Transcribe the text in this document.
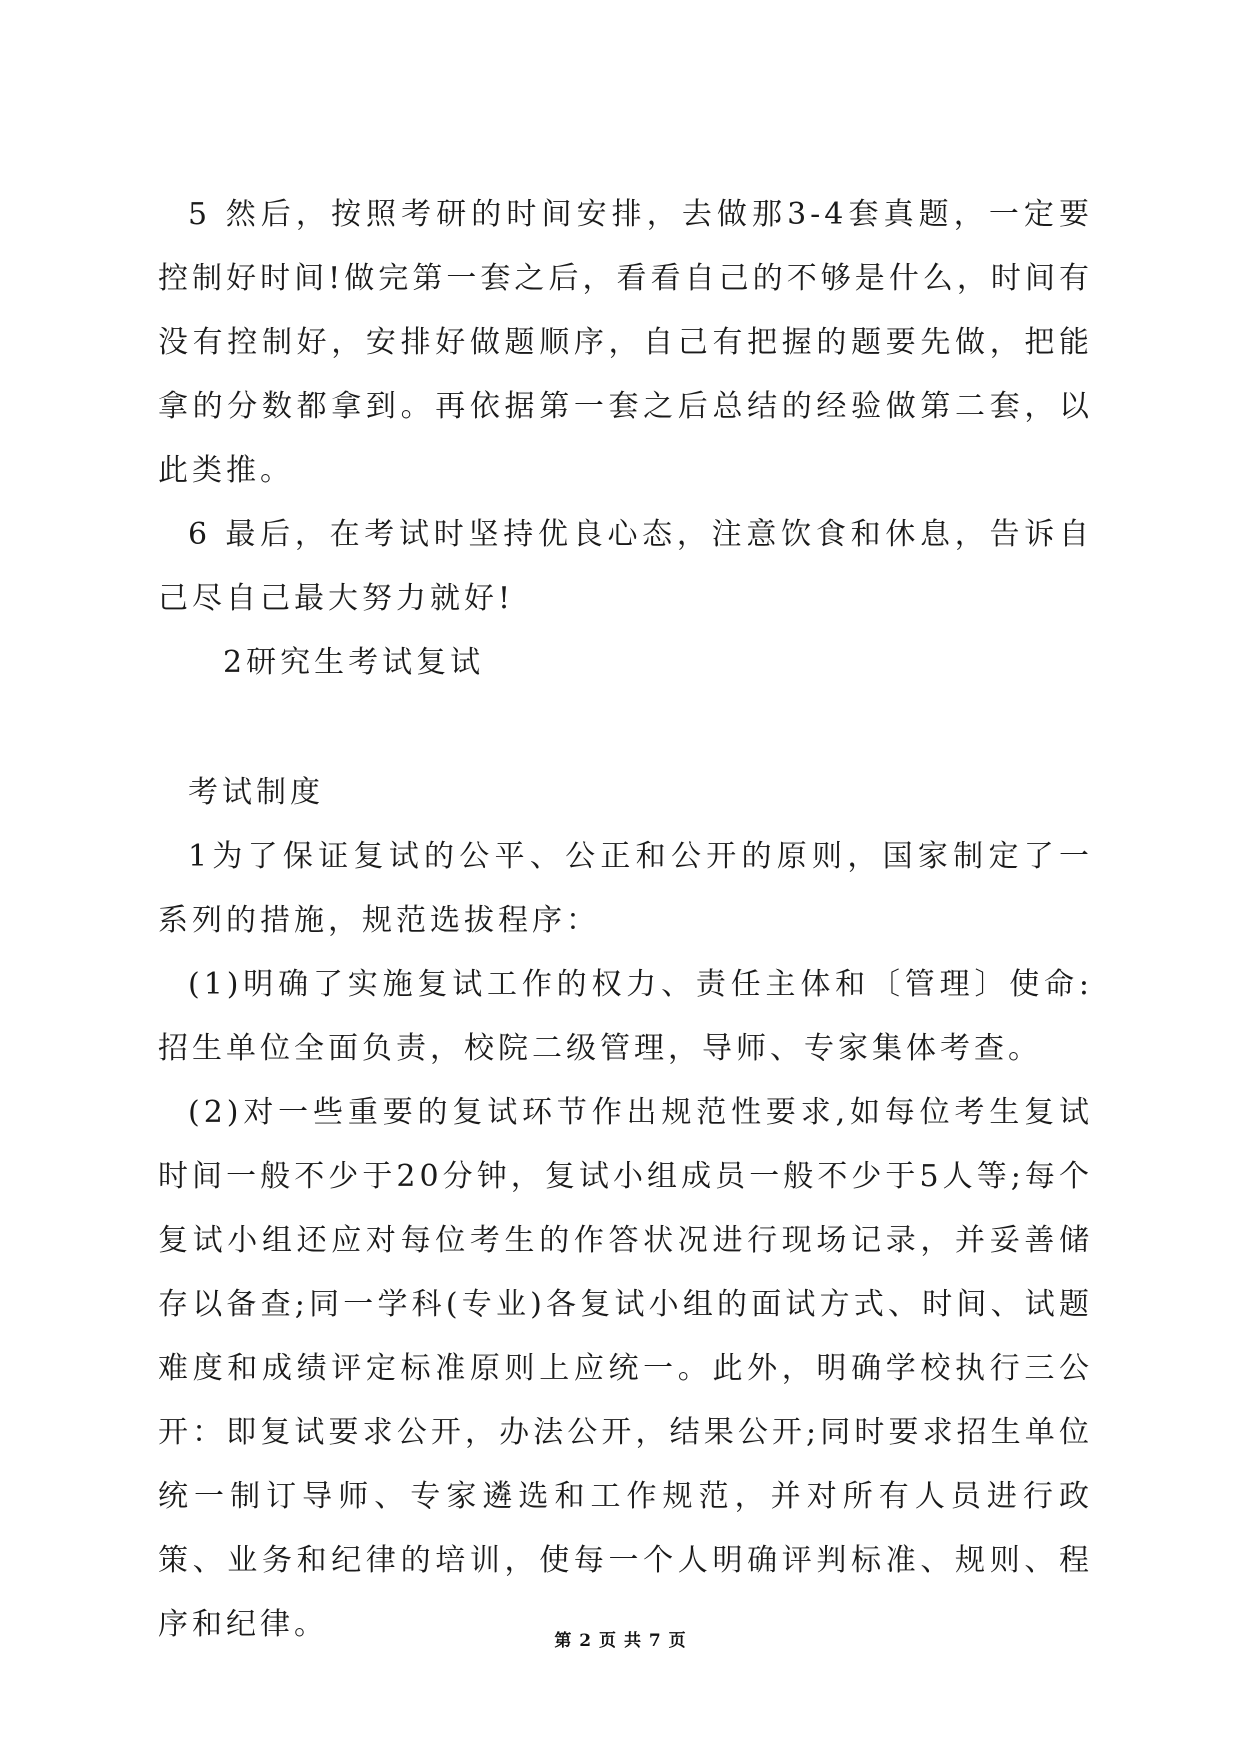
5 然后，按照考研的时间安排，去做那3-4套真题，一定要控制好时间!做完第一套之后，看看自己的不够是什么，时间有没有控制好，安排好做题顺序，自己有把握的题要先做，把能拿的分数都拿到。再依据第一套之后总结的经验做第二套，以此类推。

6 最后，在考试时坚持优良心态，注意饮食和休息，告诉自己尽自己最大努力就好!

2研究生考试复试

考试制度

1为了保证复试的公平、公正和公开的原则，国家制定了一系列的措施，规范选拔程序：

(1)明确了实施复试工作的权力、责任主体和〔管理〕使命:招生单位全面负责，校院二级管理，导师、专家集体考查。

(2)对一些重要的复试环节作出规范性要求,如每位考生复试时间一般不少于20分钟，复试小组成员一般不少于5人等;每个复试小组还应对每位考生的作答状况进行现场记录，并妥善储存以备查;同一学科(专业)各复试小组的面试方式、时间、试题难度和成绩评定标准原则上应统一。此外，明确学校执行三公开：即复试要求公开，办法公开，结果公开;同时要求招生单位统一制订导师、专家遴选和工作规范，并对所有人员进行政策、业务和纪律的培训，使每一个人明确评判标准、规则、程序和纪律。	第 2 页 共 7 页
